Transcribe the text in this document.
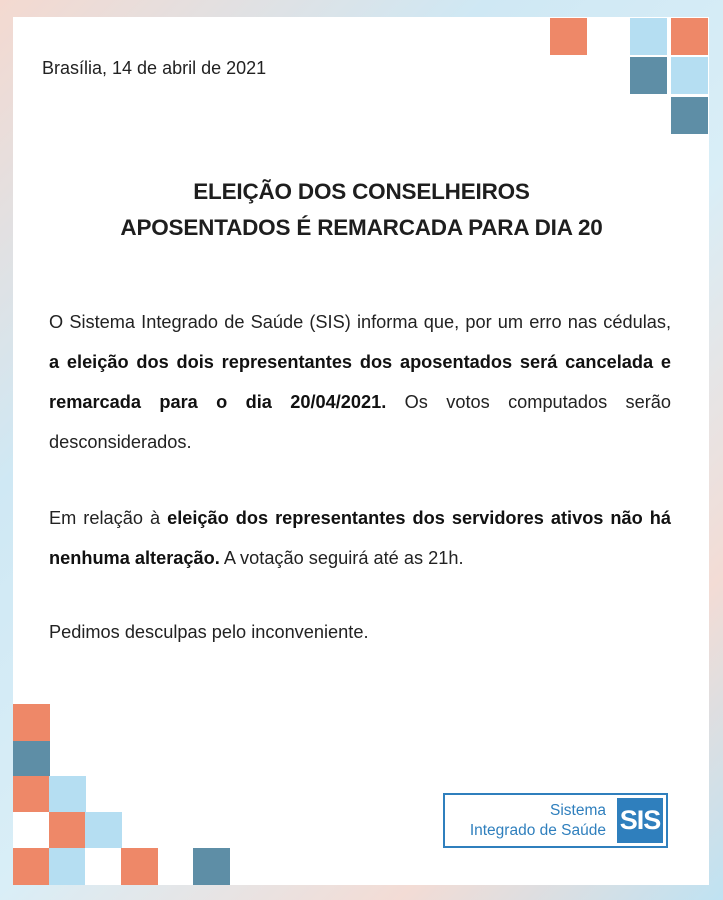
Brasília, 14 de abril de 2021
ELEIÇÃO DOS CONSELHEIROS
APOSENTADOS É REMARCADA PARA DIA 20
O Sistema Integrado de Saúde (SIS) informa que, por um erro nas cédulas, a eleição dos dois representantes dos aposentados será cancelada e remarcada para o dia 20/04/2021. Os votos computados serão desconsiderados.
Em relação à eleição dos representantes dos servidores ativos não há nenhuma alteração. A votação seguirá até as 21h.
Pedimos desculpas pelo inconveniente.
Sistema
Integrado de Saúde SIS
